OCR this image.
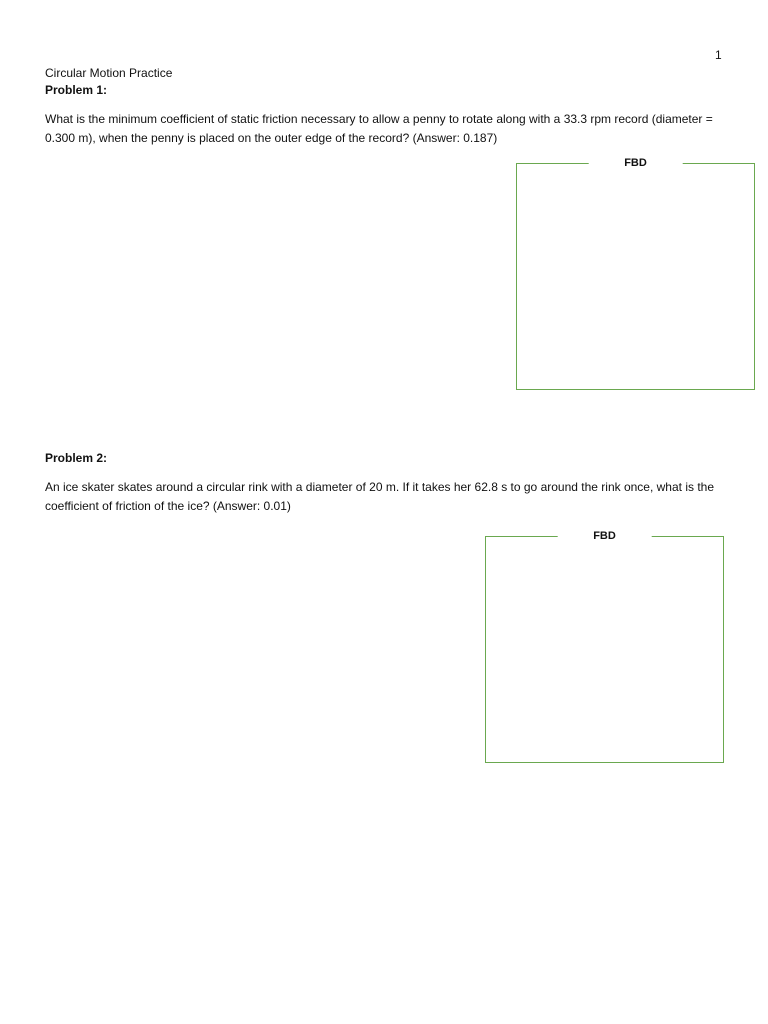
1
Circular Motion Practice
Problem 1:
What is the minimum coefficient of static friction necessary to allow a penny to rotate along with a 33.3 rpm record (diameter = 0.300 m), when the penny is placed on the outer edge of the record? (Answer: 0.187)
FBD
Problem 2:
An ice skater skates around a circular rink with a diameter of 20 m. If it takes her 62.8 s to go around the rink once, what is the coefficient of friction of the ice? (Answer: 0.01)
FBD
